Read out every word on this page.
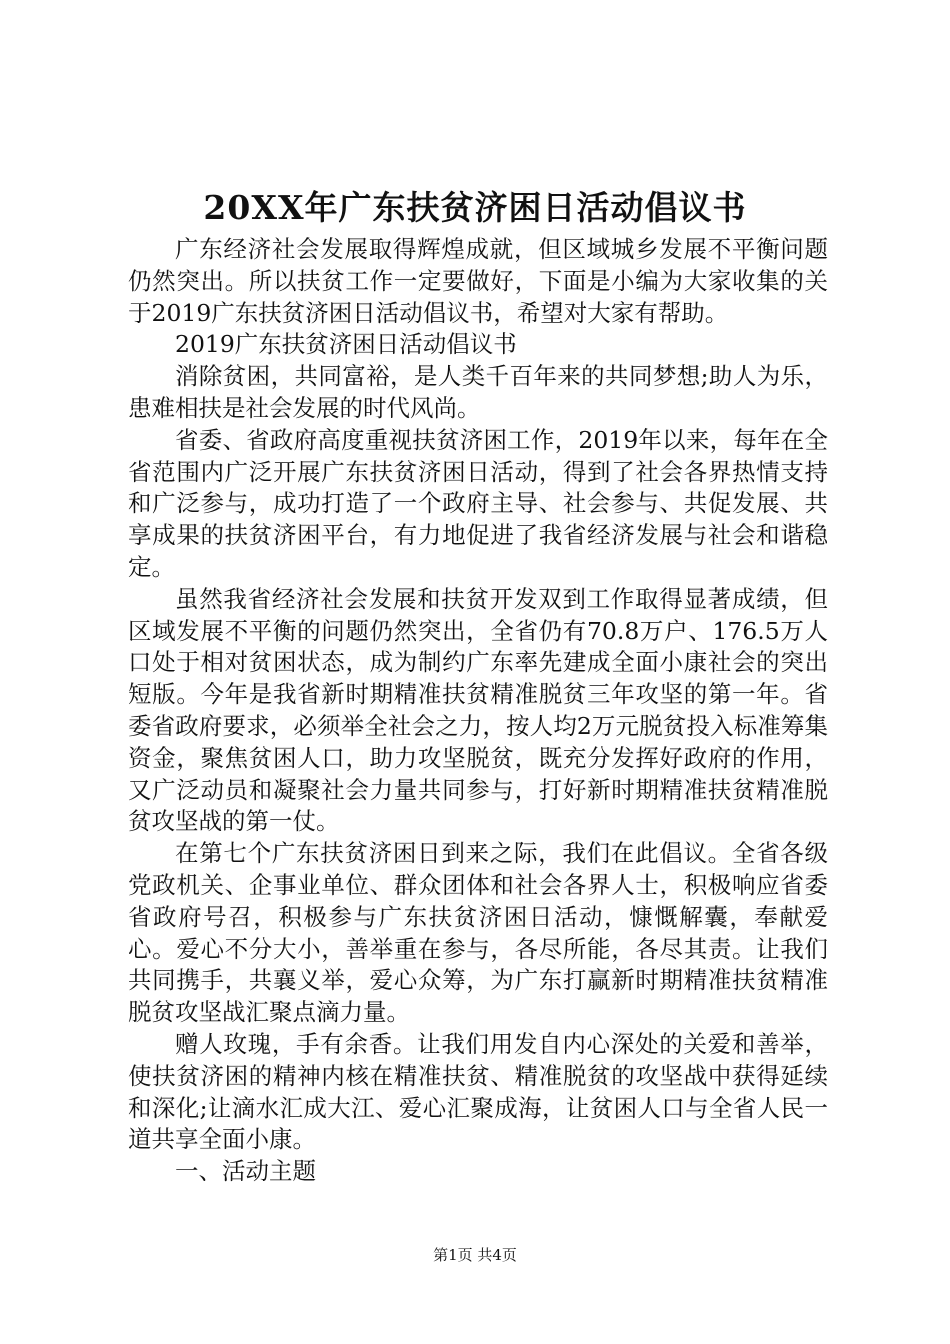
20XX年广东扶贫济困日活动倡议书

广东经济社会发展取得辉煌成就，但区域城乡发展不平衡问题仍然突出。所以扶贫工作一定要做好，下面是小编为大家收集的关于2019广东扶贫济困日活动倡议书，希望对大家有帮助。

2019广东扶贫济困日活动倡议书

消除贫困，共同富裕，是人类千百年来的共同梦想;助人为乐，患难相扶是社会发展的时代风尚。

省委、省政府高度重视扶贫济困工作，2019年以来，每年在全省范围内广泛开展广东扶贫济困日活动，得到了社会各界热情支持和广泛参与，成功打造了一个政府主导、社会参与、共促发展、共享成果的扶贫济困平台，有力地促进了我省经济发展与社会和谐稳定。

虽然我省经济社会发展和扶贫开发双到工作取得显著成绩，但区域发展不平衡的问题仍然突出，全省仍有70.8万户、176.5万人口处于相对贫困状态，成为制约广东率先建成全面小康社会的突出短版。今年是我省新时期精准扶贫精准脱贫三年攻坚的第一年。省委省政府要求，必须举全社会之力，按人均2万元脱贫投入标准筹集资金，聚焦贫困人口，助力攻坚脱贫，既充分发挥好政府的作用，又广泛动员和凝聚社会力量共同参与，打好新时期精准扶贫精准脱贫攻坚战的第一仗。

在第七个广东扶贫济困日到来之际，我们在此倡议。全省各级党政机关、企事业单位、群众团体和社会各界人士，积极响应省委省政府号召，积极参与广东扶贫济困日活动，慷慨解囊，奉献爱心。爱心不分大小，善举重在参与，各尽所能，各尽其责。让我们共同携手，共襄义举，爱心众筹，为广东打赢新时期精准扶贫精准脱贫攻坚战汇聚点滴力量。

赠人玫瑰，手有余香。让我们用发自内心深处的关爱和善举，使扶贫济困的精神内核在精准扶贫、精准脱贫的攻坚战中获得延续和深化;让滴水汇成大江、爱心汇聚成海，让贫困人口与全省人民一道共享全面小康。

一、活动主题

第1页 共4页
